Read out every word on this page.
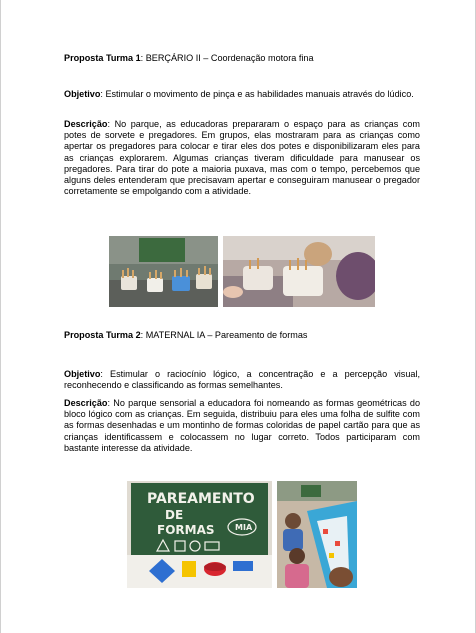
Proposta Turma 1: BERÇÁRIO II – Coordenação motora fina
Objetivo: Estimular o movimento de pinça e as habilidades manuais através do lúdico.
Descrição: No parque, as educadoras prepararam o espaço para as crianças com potes de sorvete e pregadores. Em grupos, elas mostraram para as crianças como apertar os pregadores para colocar e tirar eles dos potes e disponibilizaram eles para as crianças explorarem. Algumas crianças tiveram dificuldade para manusear os pregadores. Para tirar do pote a maioria puxava, mas com o tempo, percebemos que alguns deles entenderam que precisavam apertar e conseguiram manusear o pregador corretamente se empolgando com a atividade.
Proposta Turma 2: MATERNAL IA – Pareamento de formas
Objetivo: Estimular o raciocínio lógico, a concentração e a percepção visual, reconhecendo e classificando as formas semelhantes.
Descrição: No parque sensorial a educadora foi nomeando as formas geométricas do bloco lógico com as crianças. Em seguida, distribuiu para eles uma folha de sulfite com as formas desenhadas e um montinho de formas coloridas de papel cartão para que as crianças identificassem e colocassem no lugar correto. Todos participaram com bastante interesse da atividade.
PAREAMENTO
DE
FORMAS	MIA
